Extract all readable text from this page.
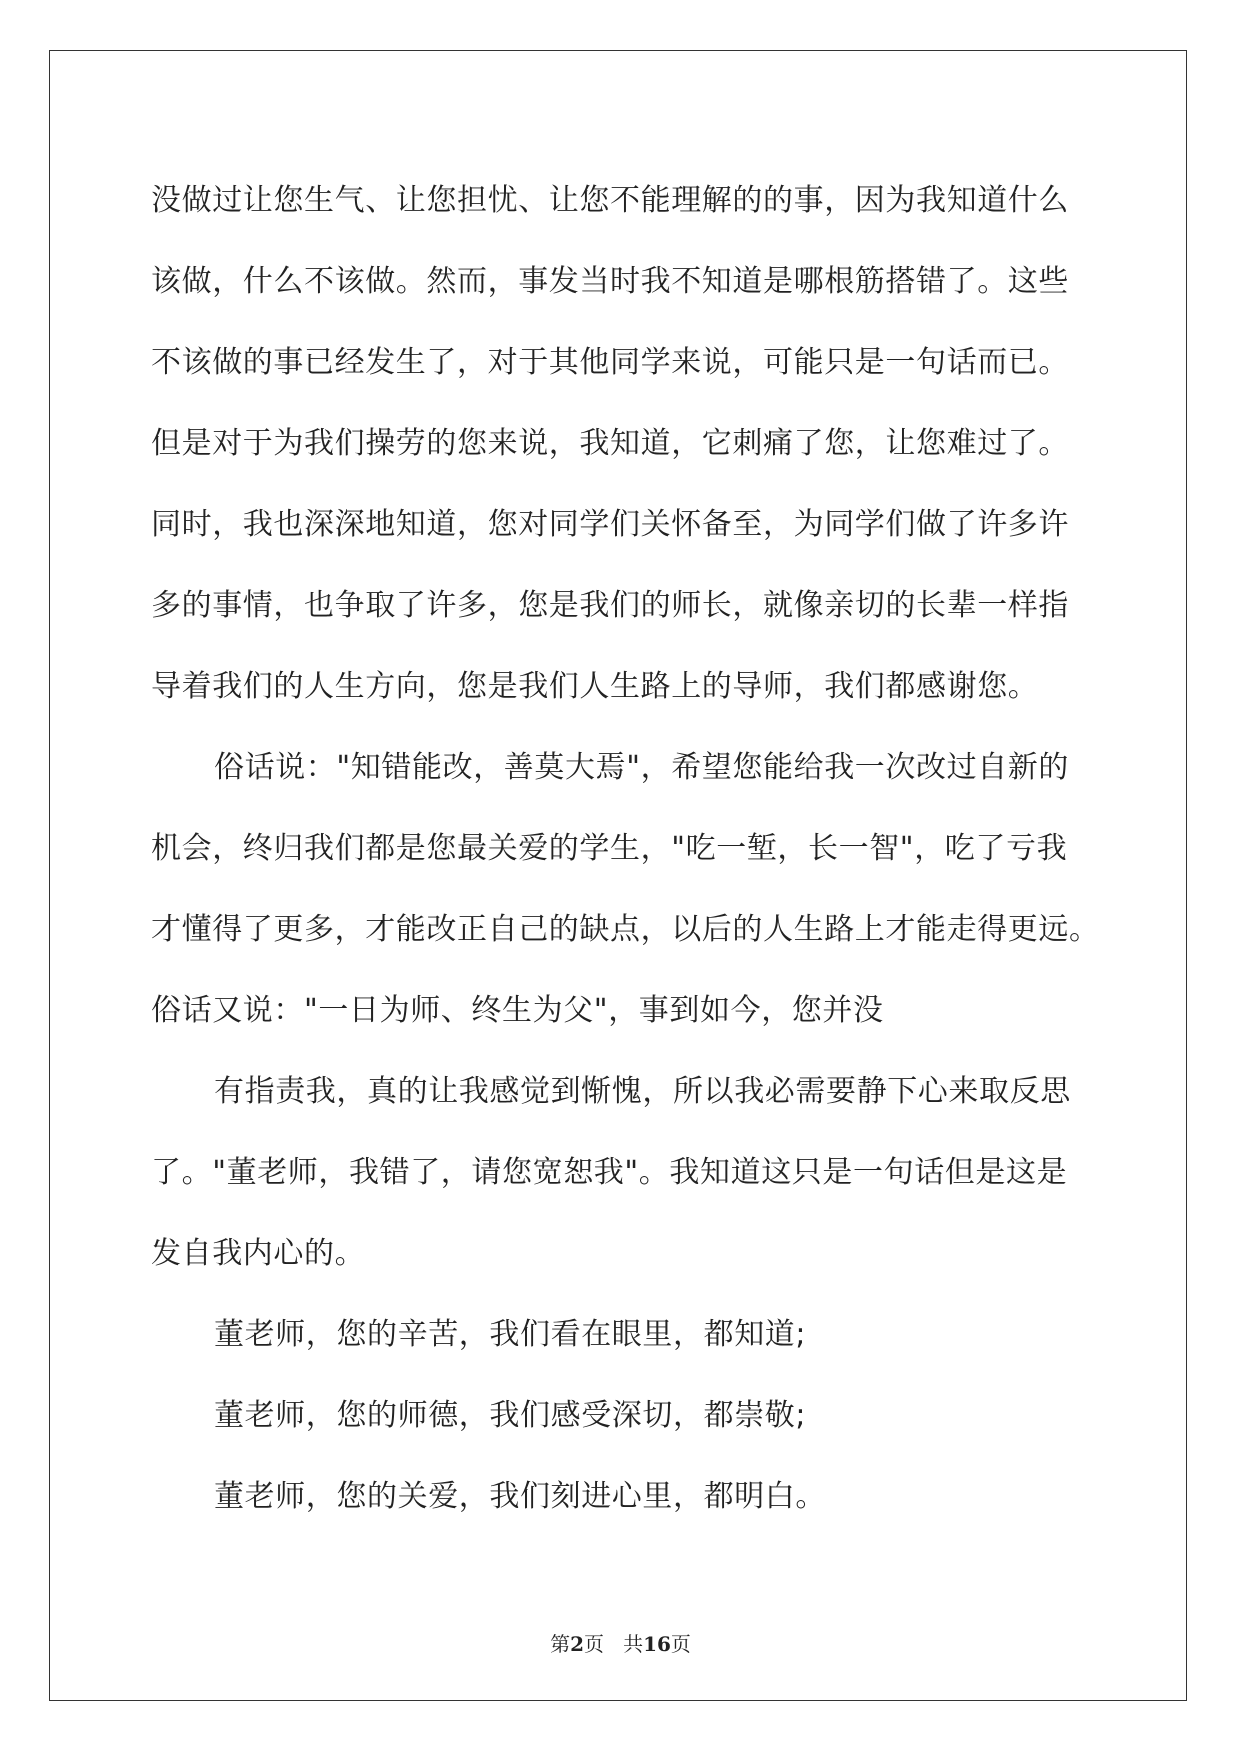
没做过让您生气、让您担忧、让您不能理解的的事，因为我知道什么
该做，什么不该做。然而，事发当时我不知道是哪根筋搭错了。这些
不该做的事已经发生了，对于其他同学来说，可能只是一句话而已。
但是对于为我们操劳的您来说，我知道，它刺痛了您，让您难过了。
同时，我也深深地知道，您对同学们关怀备至，为同学们做了许多许
多的事情，也争取了许多，您是我们的师长，就像亲切的长辈一样指
导着我们的人生方向，您是我们人生路上的导师，我们都感谢您。
俗话说："知错能改，善莫大焉"，希望您能给我一次改过自新的
机会，终归我们都是您最关爱的学生，"吃一堑，长一智"，吃了亏我
才懂得了更多，才能改正自己的缺点，以后的人生路上才能走得更远。
俗话又说："一日为师、终生为父"，事到如今，您并没
有指责我，真的让我感觉到惭愧，所以我必需要静下心来取反思
了。"董老师，我错了，请您宽恕我"。我知道这只是一句话但是这是
发自我内心的。
董老师，您的辛苦，我们看在眼里，都知道;
董老师，您的师德，我们感受深切，都崇敬;
董老师，您的关爱，我们刻进心里，都明白。
第2页 共16页
